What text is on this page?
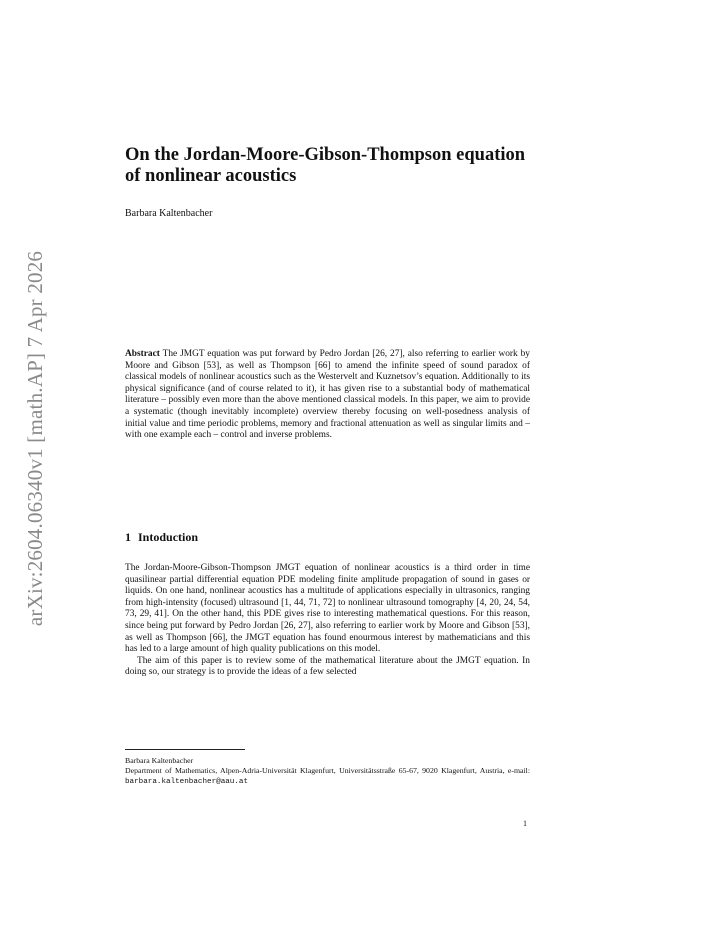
arXiv:2604.06340v1 [math.AP] 7 Apr 2026
On the Jordan-Moore-Gibson-Thompson equation
of nonlinear acoustics

Barbara Kaltenbacher

Abstract The JMGT equation was put forward by Pedro Jordan [26, 27], also referring to earlier work by Moore and Gibson [53], as well as Thompson [66] to amend the infinite speed of sound paradox of classical models of nonlinear acoustics such as the Westervelt and Kuznetsov’s equation. Additionally to its physical significance (and of course related to it), it has given rise to a substantial body of mathematical literature – possibly even more than the above mentioned classical models. In this paper, we aim to provide a systematic (though inevitably incomplete) overview thereby focusing on well-posedness analysis of initial value and time periodic problems, memory and fractional attenuation as well as singular limits and – with one example each – control and inverse problems.

1 Intoduction

The Jordan-Moore-Gibson-Thompson JMGT equation of nonlinear acoustics is a third order in time quasilinear partial differential equation PDE modeling finite amplitude propagation of sound in gases or liquids. On one hand, nonlinear acoustics has a multitude of applications especially in ultrasonics, ranging from high-intensity (focused) ultrasound [1, 44, 71, 72] to nonlinear ultrasound tomography [4, 20, 24, 54, 73, 29, 41]. On the other hand, this PDE gives rise to interesting mathematical questions. For this reason, since being put forward by Pedro Jordan [26, 27], also referring to earlier work by Moore and Gibson [53], as well as Thompson [66], the JMGT equation has found enourmous interest by mathematicians and this has led to a large amount of high quality publications on this model.

The aim of this paper is to review some of the mathematical literature about the JMGT equation. In doing so, our strategy is to provide the ideas of a few selected

Barbara Kaltenbacher

Department of Mathematics, Alpen-Adria-Universität Klagenfurt, Universitätsstraße 65-67, 9020 Klagenfurt, Austria, e-mail: barbara.kaltenbacher@aau.at

1
